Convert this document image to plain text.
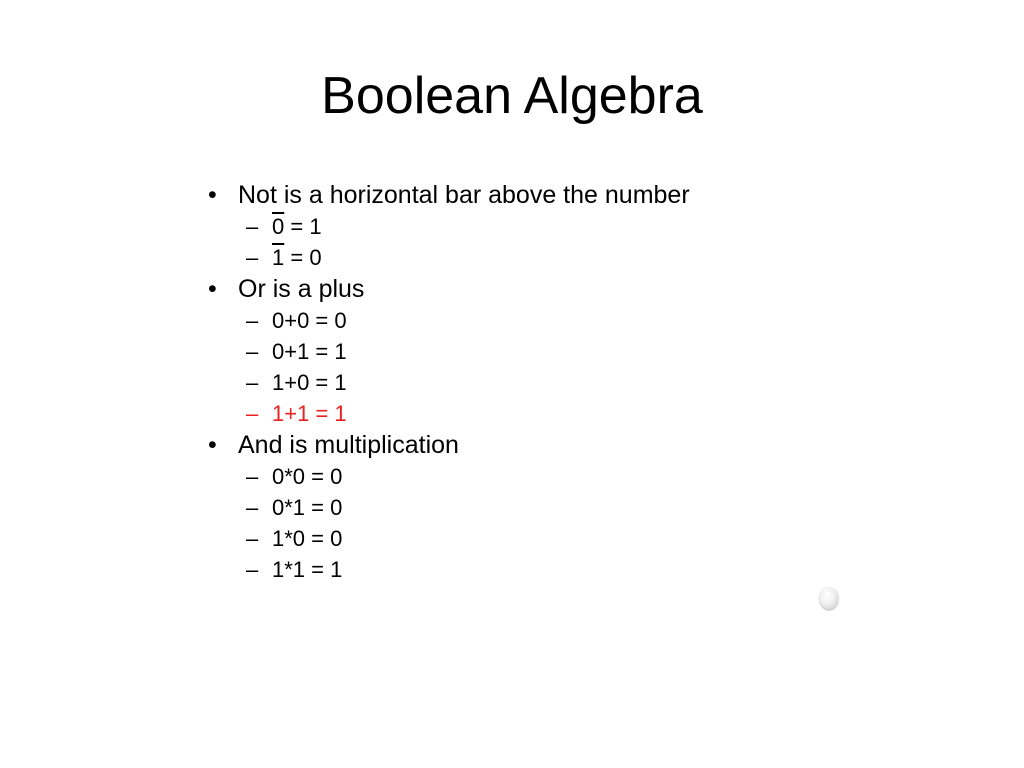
Boolean Algebra
• Not is a horizontal bar above the number
– 0 = 1
– 1 = 0
• Or is a plus
– 0+0 = 0
– 0+1 = 1
– 1+0 = 1
– 1+1 = 1
• And is multiplication
– 0*0 = 0
– 0*1 = 0
– 1*0 = 0
– 1*1 = 1
